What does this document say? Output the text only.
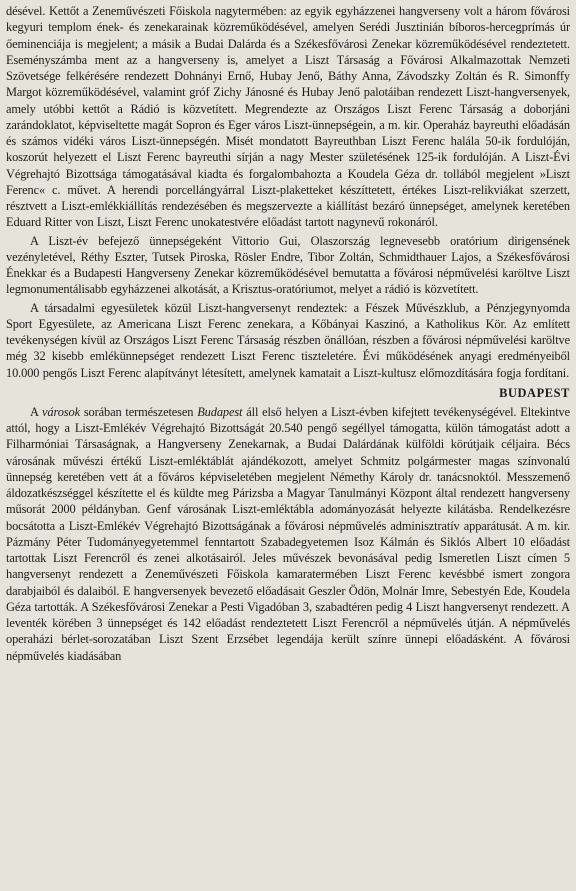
désével. Kettőt a Zeneművészeti Főiskola nagytermében: az egyik egyházzenei hangverseny volt a három fővárosi kegyuri templom ének- és zenekarainak közreműködésével, amelyen Serédi Jusztinián bíboros-hercegprímás úr őeminenciája is megjelent; a másik a Budai Dalárda és a Székesfővárosi Zenekar közreműködésével rendeztetett. Eseményszámba ment az a hangverseny is, amelyet a Liszt Társaság a Fővárosi Alkalmazottak Nemzeti Szövetsége felkérésére rendezett Dohnányi Ernő, Hubay Jenő, Báthy Anna, Závodszky Zoltán és R. Simonffy Margot közreműködésével, valamint gróf Zichy Jánosné és Hubay Jenő palotáiban rendezett Liszt-hangversenyek, amely utóbbi kettőt a Rádió is közvetített. Megrendezte az Országos Liszt Ferenc Társaság a doborjáni zarándoklatot, képviseltette magát Sopron és Eger város Liszt-ünnepségein, a m. kir. Operaház bayreuthi előadásán és számos vidéki város Liszt-ünnepségén. Misét mondatott Bayreuthban Liszt Ferenc halála 50-ik fordulóján, koszorút helyezett el Liszt Ferenc bayreuthi sírján a nagy Mester születésének 125-ik fordulóján. A Liszt-Évi Végrehajtó Bizottsága támogatásával kiadta és forgalombahozta a Koudela Géza dr. tollából megjelent »Liszt Ferenc« c. művet. A herendi porcellángyárral Liszt-plaketteket készíttetett, értékes Liszt-relikviákat szerzett, résztvett a Liszt-emlékkiállítás rendezésében és megszervezte a kiállítást bezáró ünnepséget, amelynek keretében Eduard Ritter von Liszt, Liszt Ferenc unokatestvére előadást tartott nagynevű rokonáról.

A Liszt-év befejező ünnepségeként Vittorio Gui, Olaszország legnevesebb oratórium dirigensének vezényletével, Réthy Eszter, Tutsek Piroska, Rösler Endre, Tibor Zoltán, Schmidthauer Lajos, a Székesfővárosi Énekkar és a Budapesti Hangverseny Zenekar közreműködésével bemutatta a fővárosi népművelési karöltve Liszt legmonumentálisabb egyházzenei alkotását, a Krisztus-oratóriumot, melyet a rádió is közvetített.

A társadalmi egyesületek közül Liszt-hangversenyt rendeztek: a Fészek Művészklub, a Pénzjegynyomda Sport Egyesülete, az Americana Liszt Ferenc zenekara, a Kőbányai Kaszinó, a Katholikus Kör. Az említett tevékenységen kívül az Országos Liszt Ferenc Társaság részben önállóan, részben a fővárosi népművelési karöltve még 32 kisebb emlékünnepséget rendezett Liszt Ferenc tiszteletére. Évi működésének anyagi eredményeiből 10.000 pengős Liszt Ferenc alapítványt létesített, amelynek kamatait a Liszt-kultusz előmozdítására fogja fordítani.

BUDAPEST

A városok sorában természetesen Budapest áll első helyen a Liszt-évben kifejtett tevékenységével. Eltekintve attól, hogy a Liszt-Emlékév Végrehajtó Bizottságát 20.540 pengő segéllyel támogatta, külön támogatást adott a Filharmóniai Társaságnak, a Hangverseny Zenekarnak, a Budai Dalárdának külföldi körútjaik céljaira. Bécs városának művészi értékű Liszt-emléktáblát ajándékozott, amelyet Schmitz polgármester magas színvonalú ünnepség keretében vett át a főváros képviseletében megjelent Némethy Károly dr. tanácsnoktól. Messzemenő áldozatkészséggel készítette el és küldte meg Párizsba a Magyar Tanulmányi Központ által rendezett hangverseny műsorát 2000 példányban. Genf városának Liszt-emléktábla adományozását helyezte kilátásba. Rendelkezésre bocsátotta a Liszt-Emlékév Végrehajtó Bizottságának a fővárosi népművelés adminisztratív apparátusát. A m. kir. Pázmány Péter Tudományegyetemmel fenntartott Szabadegyetemen Isoz Kálmán és Siklós Albert 10 előadást tartottak Liszt Ferencről és zenei alkotásairól. Jeles művészek bevonásával pedig Ismeretlen Liszt címen 5 hangversenyt rendezett a Zeneművészeti Főiskola kamaratermében Liszt Ferenc kevésbbé ismert zongora darabjaiból és dalaiból. E hangversenyek bevezető előadásait Geszler Ödön, Molnár Imre, Sebestyén Ede, Koudela Géza tartották. A Székesfővárosi Zenekar a Pesti Vigadóban 3, szabadtéren pedig 4 Liszt hangversenyt rendezett. A leventék körében 3 ünnepséget és 142 előadást rendeztetett Liszt Ferencről a népművelés útján. A népművelés operaházi bérlet-sorozatában Liszt Szent Erzsébet legendája került színre ünnepi előadásként. A fővárosi népművelés kiadásában
